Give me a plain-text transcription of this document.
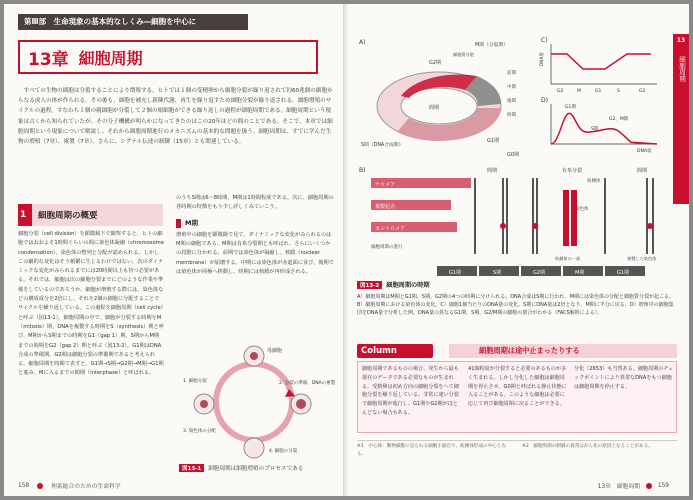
第Ⅲ部　生命現象の基本的なしくみ―細胞を中心に
13章 細胞周期

すべての生物の細胞は分裂することにより増殖する。ヒトでは１個の受精卵から細胞分裂が繰り返されて約60兆個の細胞からなる成人の体が作られる。その後も、細胞を補充し新陳代謝、再生を繰り返すため細胞分裂が繰り返される。細胞増殖のサイクルの過程。すなわち１個の親細胞が分裂して２個の娘細胞ができる繰り返しの過程が細胞周期である。細胞周期という現象は古くから知られていたが、その分子機構が明らかになってきたのはこの20年ほどの間のことである。そこで、本章では細胞周期という現象について解説し、それから細胞周期進行のメカニズムの基本的な問題を扱う。細胞周期は、すでに学んだ生物の増殖（7章）、複製（7章）、さらに、シグナル伝達の制御（15章）とも関連している。

1	細胞周期の概要

細胞分裂（cell division）を顕微鏡下で観察すると、ヒトの細胞ではおおよそ1時間ぐらいの間に染色体凝縮（chromosome condensation）、染色体の整列と分配が認められる。しかしこの劇的な変化はそう頻繁に生じるわけではない。次のダイナミックな変化がみられるまでには20時間以上も待つ必要がある。それでは、細胞は次の細胞分裂までにどのような作業や準備をしているのであろうか。細胞が増殖する際には、染色体などの構成成分を2倍にし、それを2個の細胞に分配することでサイクルを繰り返している。この過程を細胞周期（cell cycle）と呼ぶ（図13-1）。細胞周期の中で、細胞が分裂する時期をM（mitosis）期、DNAを複製する時期をS（synthesis）期と呼び、M期からS期までの時期をG1（gap 1）期、S期からM期までの時期をG2（gap 2）期と呼ぶ（図13-2）。G1期はDNA合成の準備期、G2期は細胞分裂の準備期であると考えられる。細胞周期を時間で表すと、G1期→S期→G2期→M期→G1期と進み、Mに入るまでの間期（interphase）と呼ばれる。

のうちS期は6〜8時間、M期は1時間程度である。次に、細胞周期の各時期の特徴をもう少し詳しくみていこう。

M期

増殖中の細胞を顕微鏡で見て、ダイナミックな変化がみられるのはM期の細胞である。M期は有糸分裂期とも呼ばれ、さらにいくつかの段階に分かれる。前期では染色体が凝縮し、核膜（nuclear membrane）が崩壊する。中期には染色体が赤道面に並び、後期では染色体が両極へ移動し、終期には核膜が再形成される。

母細胞
2. 分裂の準備、DNAの複製
1. 細胞分裂
3. 染色体の分配
4. 細胞の分裂
図13-1	細胞周期は細胞増殖のプロセスである
158	理系総合のための生命科学
13
細胞周期
A)	M期（分裂期）
前期
中期
後期
終期
G2期
S期（DNA合成期）
G1期
G0期
間期
細胞質分裂
C)
DNA量
G2	M	G1	S	G2
D)
G1期
S期
G2、M期
DNA量
B)
テロメア
複製起点
セントロメア
間期	有糸分裂	間期
染色体
紡錘体
紡錘体の一部
細胞周期の進行
複製した染色体
G1期	S期	G2期	M期	G1期
図13-2	細胞周期の時期
A）細胞周期はM期とG1期、S期、G2期の4つの時期に分けられる。DNA合成はS期に行われ、M期には染色体の分配と細胞質分裂が起こる。B）細胞周期における染色体の変化。C）細胞1個当たりのDNA量の変化。S期にDNA量は2倍となり、M期に半分に戻る。D）増殖中の細胞集団をDNA量で分析した例。DNA量の異なるG1期、S期、G2/M期の細胞の割合がわかる（FACS解析による）。
Column	細胞周期は途中止まったりする
細胞周期であるものの場合、発生から最も現在のデータである必要なものが生まれる。受精卵は初め方向の細胞分裂をへて細胞分裂を繰り返している。非常に速い分裂で細胞周期が進行し、G1期やG2期がほとんどない場合もある。
41個程度が分裂すると必要のあるものが多く生まれる。しかし分化した細胞は細胞周期を停止させ、G0期と呼ばれる静止状態に入ることがある。このような細胞は必要に応じて再び細胞周期に戻ることができる。
分化（2653）も当然ある。細胞周期のチェックポイントにより異常なDNAをもつ細胞は細胞周期を停止する。
※1　中心体：動物細胞に見られる細胞小器官で、紡錘体形成の中心となる。
※2　細胞周期の制御の異常はがん化の原因となることがある。
13章　細胞周期	159
